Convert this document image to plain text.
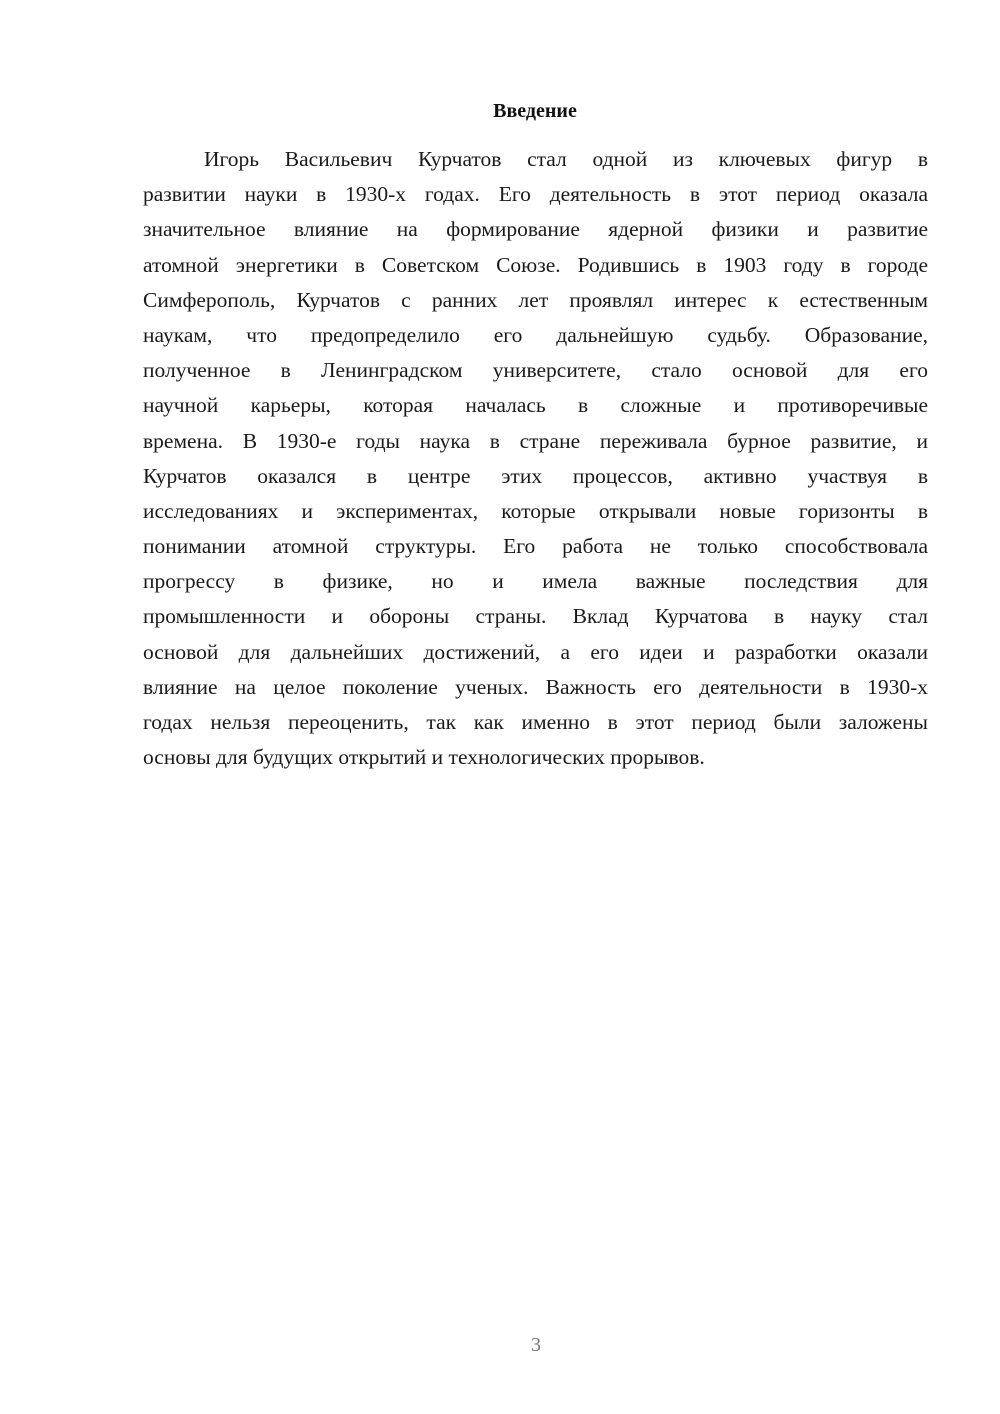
Введение
Игорь Васильевич Курчатов стал одной из ключевых фигур в
развитии науки в 1930-х годах. Его деятельность в этот период оказала
значительное влияние на формирование ядерной физики и развитие
атомной энергетики в Советском Союзе. Родившись в 1903 году в городе
Симферополь, Курчатов с ранних лет проявлял интерес к естественным
наукам, что предопределило его дальнейшую судьбу. Образование,
полученное в Ленинградском университете, стало основой для его
научной карьеры, которая началась в сложные и противоречивые
времена. В 1930-е годы наука в стране переживала бурное развитие, и
Курчатов оказался в центре этих процессов, активно участвуя в
исследованиях и экспериментах, которые открывали новые горизонты в
понимании атомной структуры. Его работа не только способствовала
прогрессу в физике, но и имела важные последствия для
промышленности и обороны страны. Вклад Курчатова в науку стал
основой для дальнейших достижений, а его идеи и разработки оказали
влияние на целое поколение ученых. Важность его деятельности в 1930-х
годах нельзя переоценить, так как именно в этот период были заложены
основы для будущих открытий и технологических прорывов.
3
